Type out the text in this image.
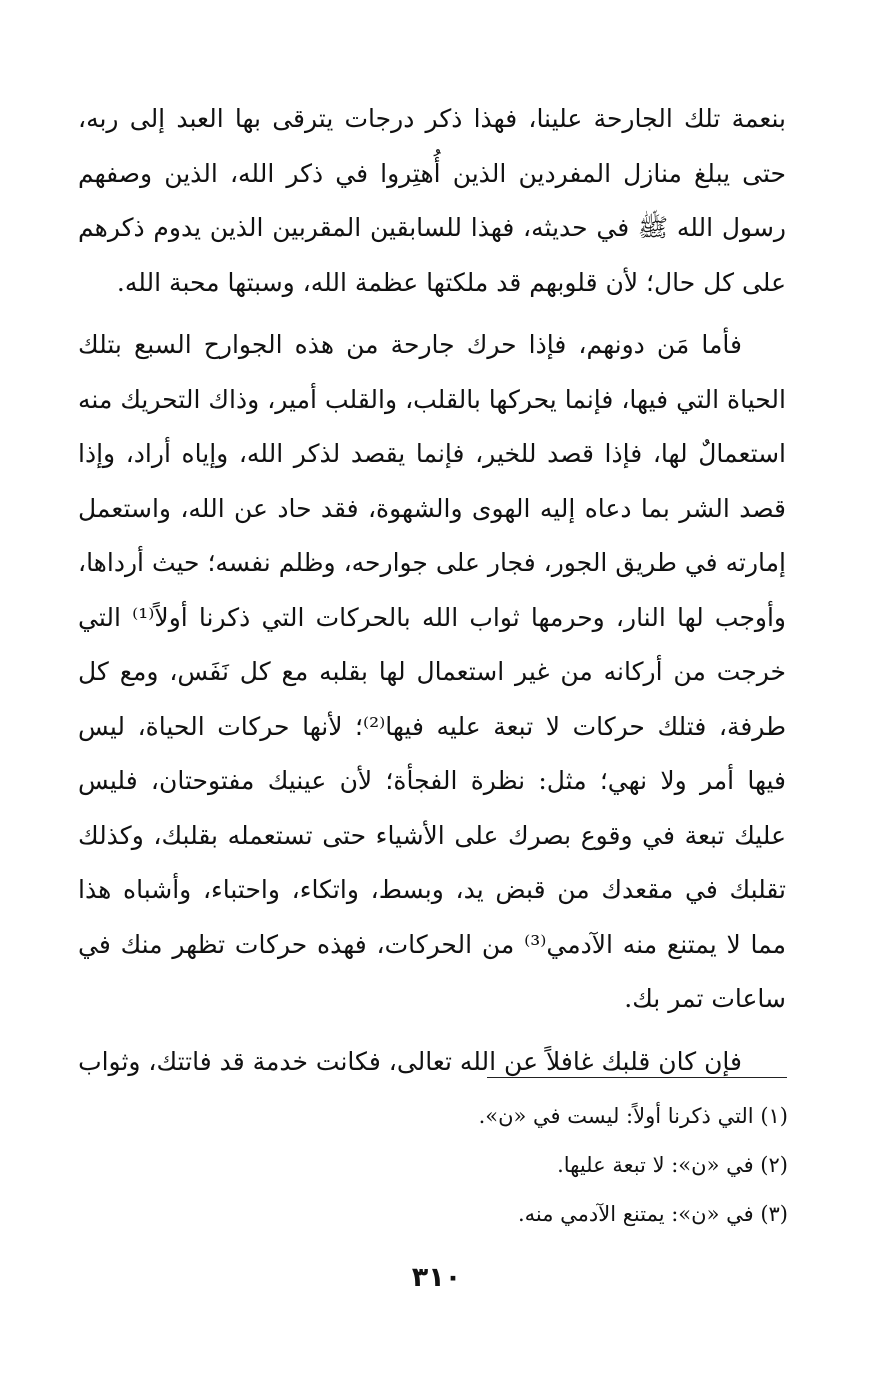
بنعمة تلك الجارحة علينا، فهذا ذكر درجات يترقى بها العبد إلى ربه، حتى يبلغ منازل المفردين الذين أُهتِروا في ذكر الله، الذين وصفهم رسول الله ﷺ في حديثه، فهذا للسابقين المقربين الذين يدوم ذكرهم على كل حال؛ لأن قلوبهم قد ملكتها عظمة الله، وسبتها محبة الله.

فأما مَن دونهم، فإذا حرك جارحة من هذه الجوارح السبع بتلك الحياة التي فيها، فإنما يحركها بالقلب، والقلب أمير، وذاك التحريك منه استعمالٌ لها، فإذا قصد للخير، فإنما يقصد لذكر الله، وإياه أراد، وإذا قصد الشر بما دعاه إليه الهوى والشهوة، فقد حاد عن الله، واستعمل إمارته في طريق الجور، فجار على جوارحه، وظلم نفسه؛ حيث أرداها، وأوجب لها النار، وحرمها ثواب الله بالحركات التي ذكرنا أولاً⁽¹⁾ التي خرجت من أركانه من غير استعمال لها بقلبه مع كل نَفَس، ومع كل طرفة، فتلك حركات لا تبعة عليه فيها⁽²⁾؛ لأنها حركات الحياة، ليس فيها أمر ولا نهي؛ مثل: نظرة الفجأة؛ لأن عينيك مفتوحتان، فليس عليك تبعة في وقوع بصرك على الأشياء حتى تستعمله بقلبك، وكذلك تقلبك في مقعدك من قبض يد، وبسط، واتكاء، واحتباء، وأشباه هذا مما لا يمتنع منه الآدمي⁽³⁾ من الحركات، فهذه حركات تظهر منك في ساعات تمر بك.

فإن كان قلبك غافلاً عن الله تعالى، فكانت خدمة قد فاتتك، وثواب

(١) التي ذكرنا أولاً: ليست في «ن».
(٢) في «ن»: لا تبعة عليها.
(٣) في «ن»: يمتنع الآدمي منه.
٣١٠
